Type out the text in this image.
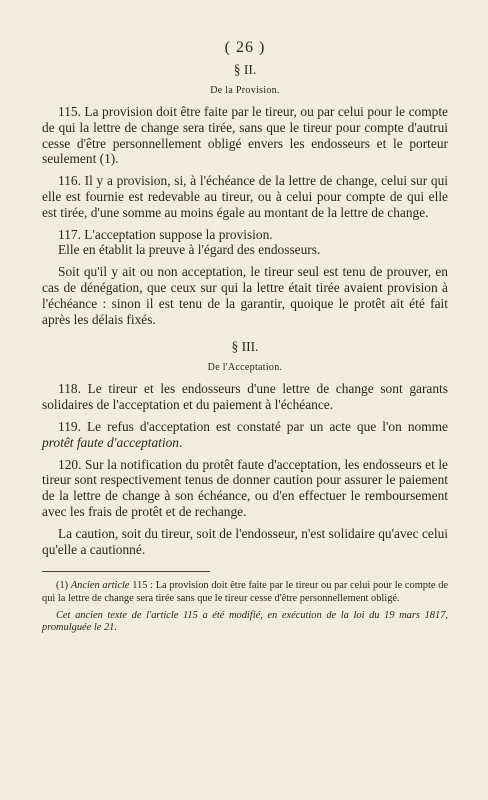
( 26 )
§ II.
De la Provision.

115. La provision doit être faite par le tireur, ou par celui pour le compte de qui la lettre de change sera tirée, sans que le tireur pour compte d'autrui cesse d'être personnellement obligé envers les endosseurs et le porteur seulement (1).

116. Il y a provision, si, à l'échéance de la lettre de change, celui sur qui elle est fournie est redevable au tireur, ou à celui pour compte de qui elle est tirée, d'une somme au moins égale au montant de la lettre de change.

117. L'acceptation suppose la provision.

Elle en établit la preuve à l'égard des endosseurs.

Soit qu'il y ait ou non acceptation, le tireur seul est tenu de prouver, en cas de dénégation, que ceux sur qui la lettre était tirée avaient provision à l'échéance : sinon il est tenu de la garantir, quoique le protêt ait été fait après les délais fixés.

§ III.
De l'Acceptation.

118. Le tireur et les endosseurs d'une lettre de change sont garants solidaires de l'acceptation et du paiement à l'échéance.

119. Le refus d'acceptation est constaté par un acte que l'on nomme protêt faute d'acceptation.

120. Sur la notification du protêt faute d'acceptation, les endosseurs et le tireur sont respectivement tenus de donner caution pour assurer le paiement de la lettre de change à son échéance, ou d'en effectuer le remboursement avec les frais de protêt et de rechange.

La caution, soit du tireur, soit de l'endosseur, n'est solidaire qu'avec celui qu'elle a cautionné.

(1) Ancien article 115 : La provision doit être faite par le tireur ou par celui pour le compte de qui la lettre de change sera tirée sans que le tireur cesse d'être personnellement obligé.

Cet ancien texte de l'article 115 a été modifié, en exécution de la loi du 19 mars 1817, promulguée le 21.
